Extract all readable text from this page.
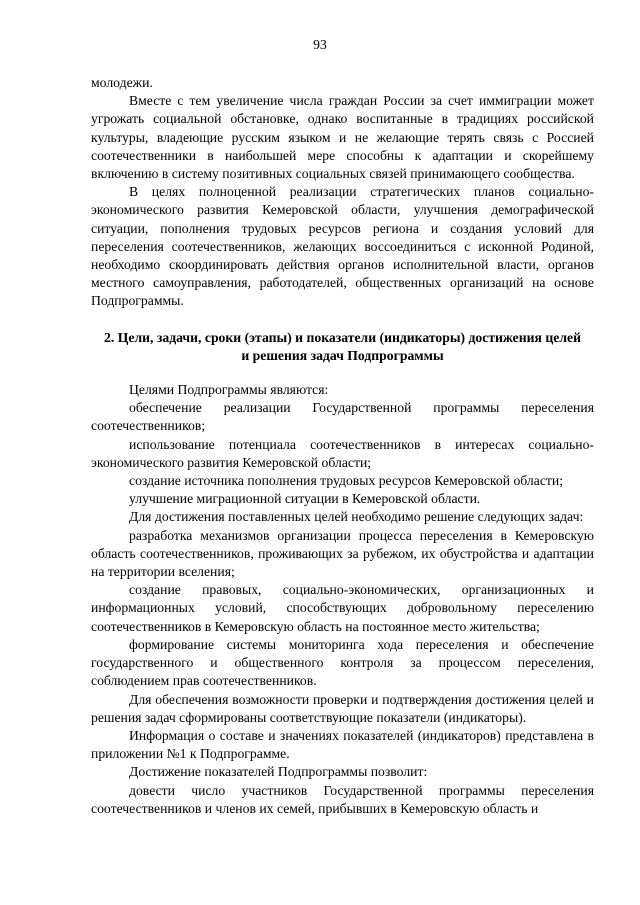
93

молодежи.

Вместе с тем увеличение числа граждан России за счет иммиграции может угрожать социальной обстановке, однако воспитанные в традициях российской культуры, владеющие русским языком и не желающие терять связь с Россией соотечественники в наибольшей мере способны к адаптации и скорейшему включению в систему позитивных социальных связей принимающего сообщества.

В целях полноценной реализации стратегических планов социально-экономического развития Кемеровской области, улучшения демографической ситуации, пополнения трудовых ресурсов региона и создания условий для переселения соотечественников, желающих воссоединиться с исконной Родиной, необходимо скоординировать действия органов исполнительной власти, органов местного самоуправления, работодателей, общественных организаций на основе Подпрограммы.

2. Цели, задачи, сроки (этапы) и показатели (индикаторы) достижения целей и решения задач Подпрограммы

Целями Подпрограммы являются:

обеспечение реализации Государственной программы переселения соотечественников;

использование потенциала соотечественников в интересах социально-экономического развития Кемеровской области;

создание источника пополнения трудовых ресурсов Кемеровской области;

улучшение миграционной ситуации в Кемеровской области.

Для достижения поставленных целей необходимо решение следующих задач:

разработка механизмов организации процесса переселения в Кемеровскую область соотечественников, проживающих за рубежом, их обустройства и адаптации на территории вселения;

создание правовых, социально-экономических, организационных и информационных условий, способствующих добровольному переселению соотечественников в Кемеровскую область на постоянное место жительства;

формирование системы мониторинга хода переселения и обеспечение государственного и общественного контроля за процессом переселения, соблюдением прав соотечественников.

Для обеспечения возможности проверки и подтверждения достижения целей и решения задач сформированы соответствующие показатели (индикаторы).

Информация о составе и значениях показателей (индикаторов) представлена в приложении №1 к Подпрограмме.

Достижение показателей Подпрограммы позволит:

довести число участников Государственной программы переселения соотечественников и членов их семей, прибывших в Кемеровскую область и
